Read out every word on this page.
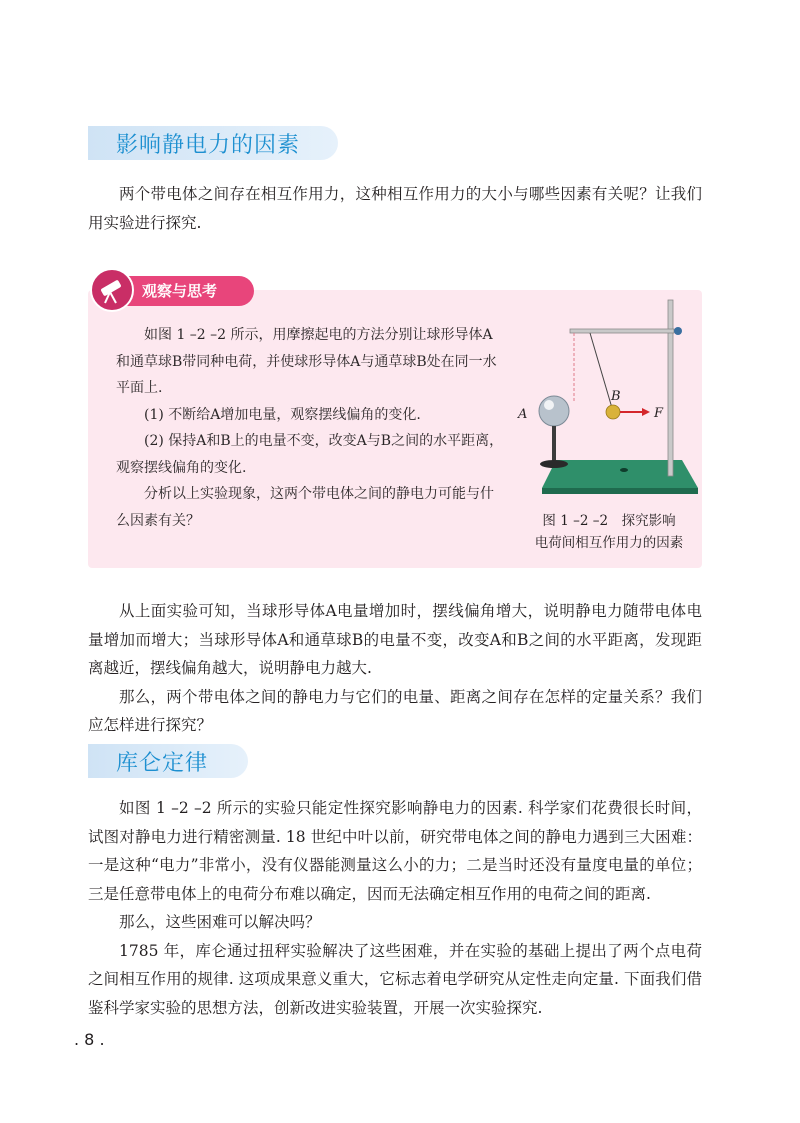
影响静电力的因素

两个带电体之间存在相互作用力，这种相互作用力的大小与哪些因素有关呢？让我们用实验进行探究.

观察与思考

如图 1 –2 –2 所示，用摩擦起电的方法分别让球形导体A和通草球B带同种电荷，并使球形导体A与通草球B处在同一水平面上.

(1) 不断给A增加电量，观察摆线偏角的变化.

(2) 保持A和B上的电量不变，改变A与B之间的水平距离，观察摆线偏角的变化.

分析以上实验现象，这两个带电体之间的静电力可能与什么因素有关？

A
B
F
图 1 –2 –2　探究影响
电荷间相互作用力的因素

从上面实验可知，当球形导体A电量增加时，摆线偏角增大，说明静电力随带电体电量增加而增大；当球形导体A和通草球B的电量不变，改变A和B之间的水平距离，发现距离越近，摆线偏角越大，说明静电力越大.

那么，两个带电体之间的静电力与它们的电量、距离之间存在怎样的定量关系？我们应怎样进行探究？

库仑定律

如图 1 –2 –2 所示的实验只能定性探究影响静电力的因素. 科学家们花费很长时间，试图对静电力进行精密测量. 18 世纪中叶以前，研究带电体之间的静电力遇到三大困难：一是这种“电力”非常小，没有仪器能测量这么小的力；二是当时还没有量度电量的单位；三是任意带电体上的电荷分布难以确定，因而无法确定相互作用的电荷之间的距离.

那么，这些困难可以解决吗？

1785 年，库仑通过扭秤实验解决了这些困难，并在实验的基础上提出了两个点电荷之间相互作用的规律. 这项成果意义重大，它标志着电学研究从定性走向定量. 下面我们借鉴科学家实验的思想方法，创新改进实验装置，开展一次实验探究.

. 8 .
